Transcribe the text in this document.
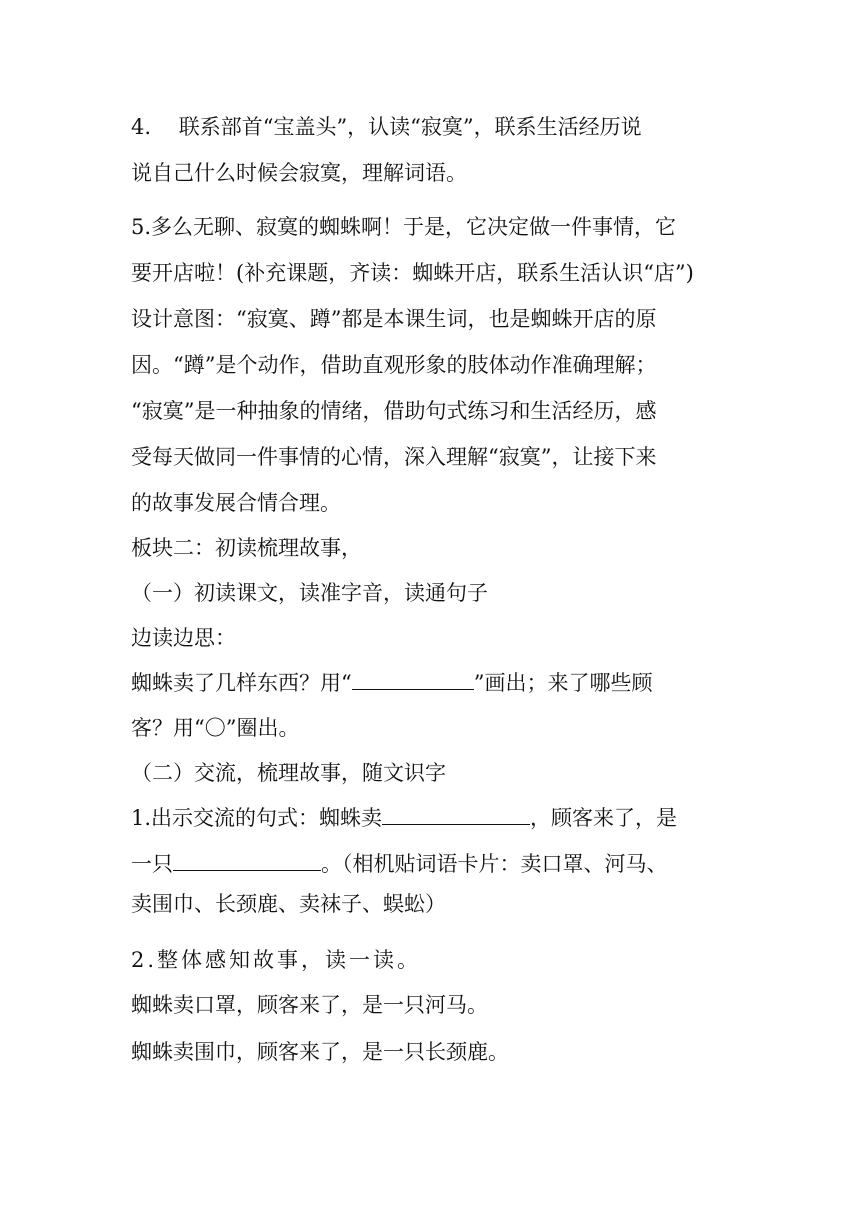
4.　 联系部首“宝盖头”，认读“寂寞”，联系生活经历说
说自己什么时候会寂寞，理解词语。
5.多么无聊、寂寞的蜘蛛啊！于是，它决定做一件事情，它
要开店啦！(补充课题，齐读：蜘蛛开店，联系生活认识“店”)
设计意图：“寂寞、蹲”都是本课生词，也是蜘蛛开店的原
因。“蹲”是个动作，借助直观形象的肢体动作准确理解；
“寂寞”是一种抽象的情绪，借助句式练习和生活经历，感
受每天做同一件事情的心情，深入理解“寂寞”，让接下来
的故事发展合情合理。
板块二：初读梳理故事，
（一）初读课文，读准字音，读通句子
边读边思：
蜘蛛卖了几样东西？用“	”画出；来了哪些顾
客？用“〇”圈出。
（二）交流，梳理故事，随文识字
1.出示交流的句式：蜘蛛卖	，顾客来了，是
一只	。（相机贴词语卡片：卖口罩、河马、
卖围巾、长颈鹿、卖袜子、蜈蚣）
2.整体感知故事，读一读。
蜘蛛卖口罩，顾客来了，是一只河马。
蜘蛛卖围巾，顾客来了，是一只长颈鹿。
